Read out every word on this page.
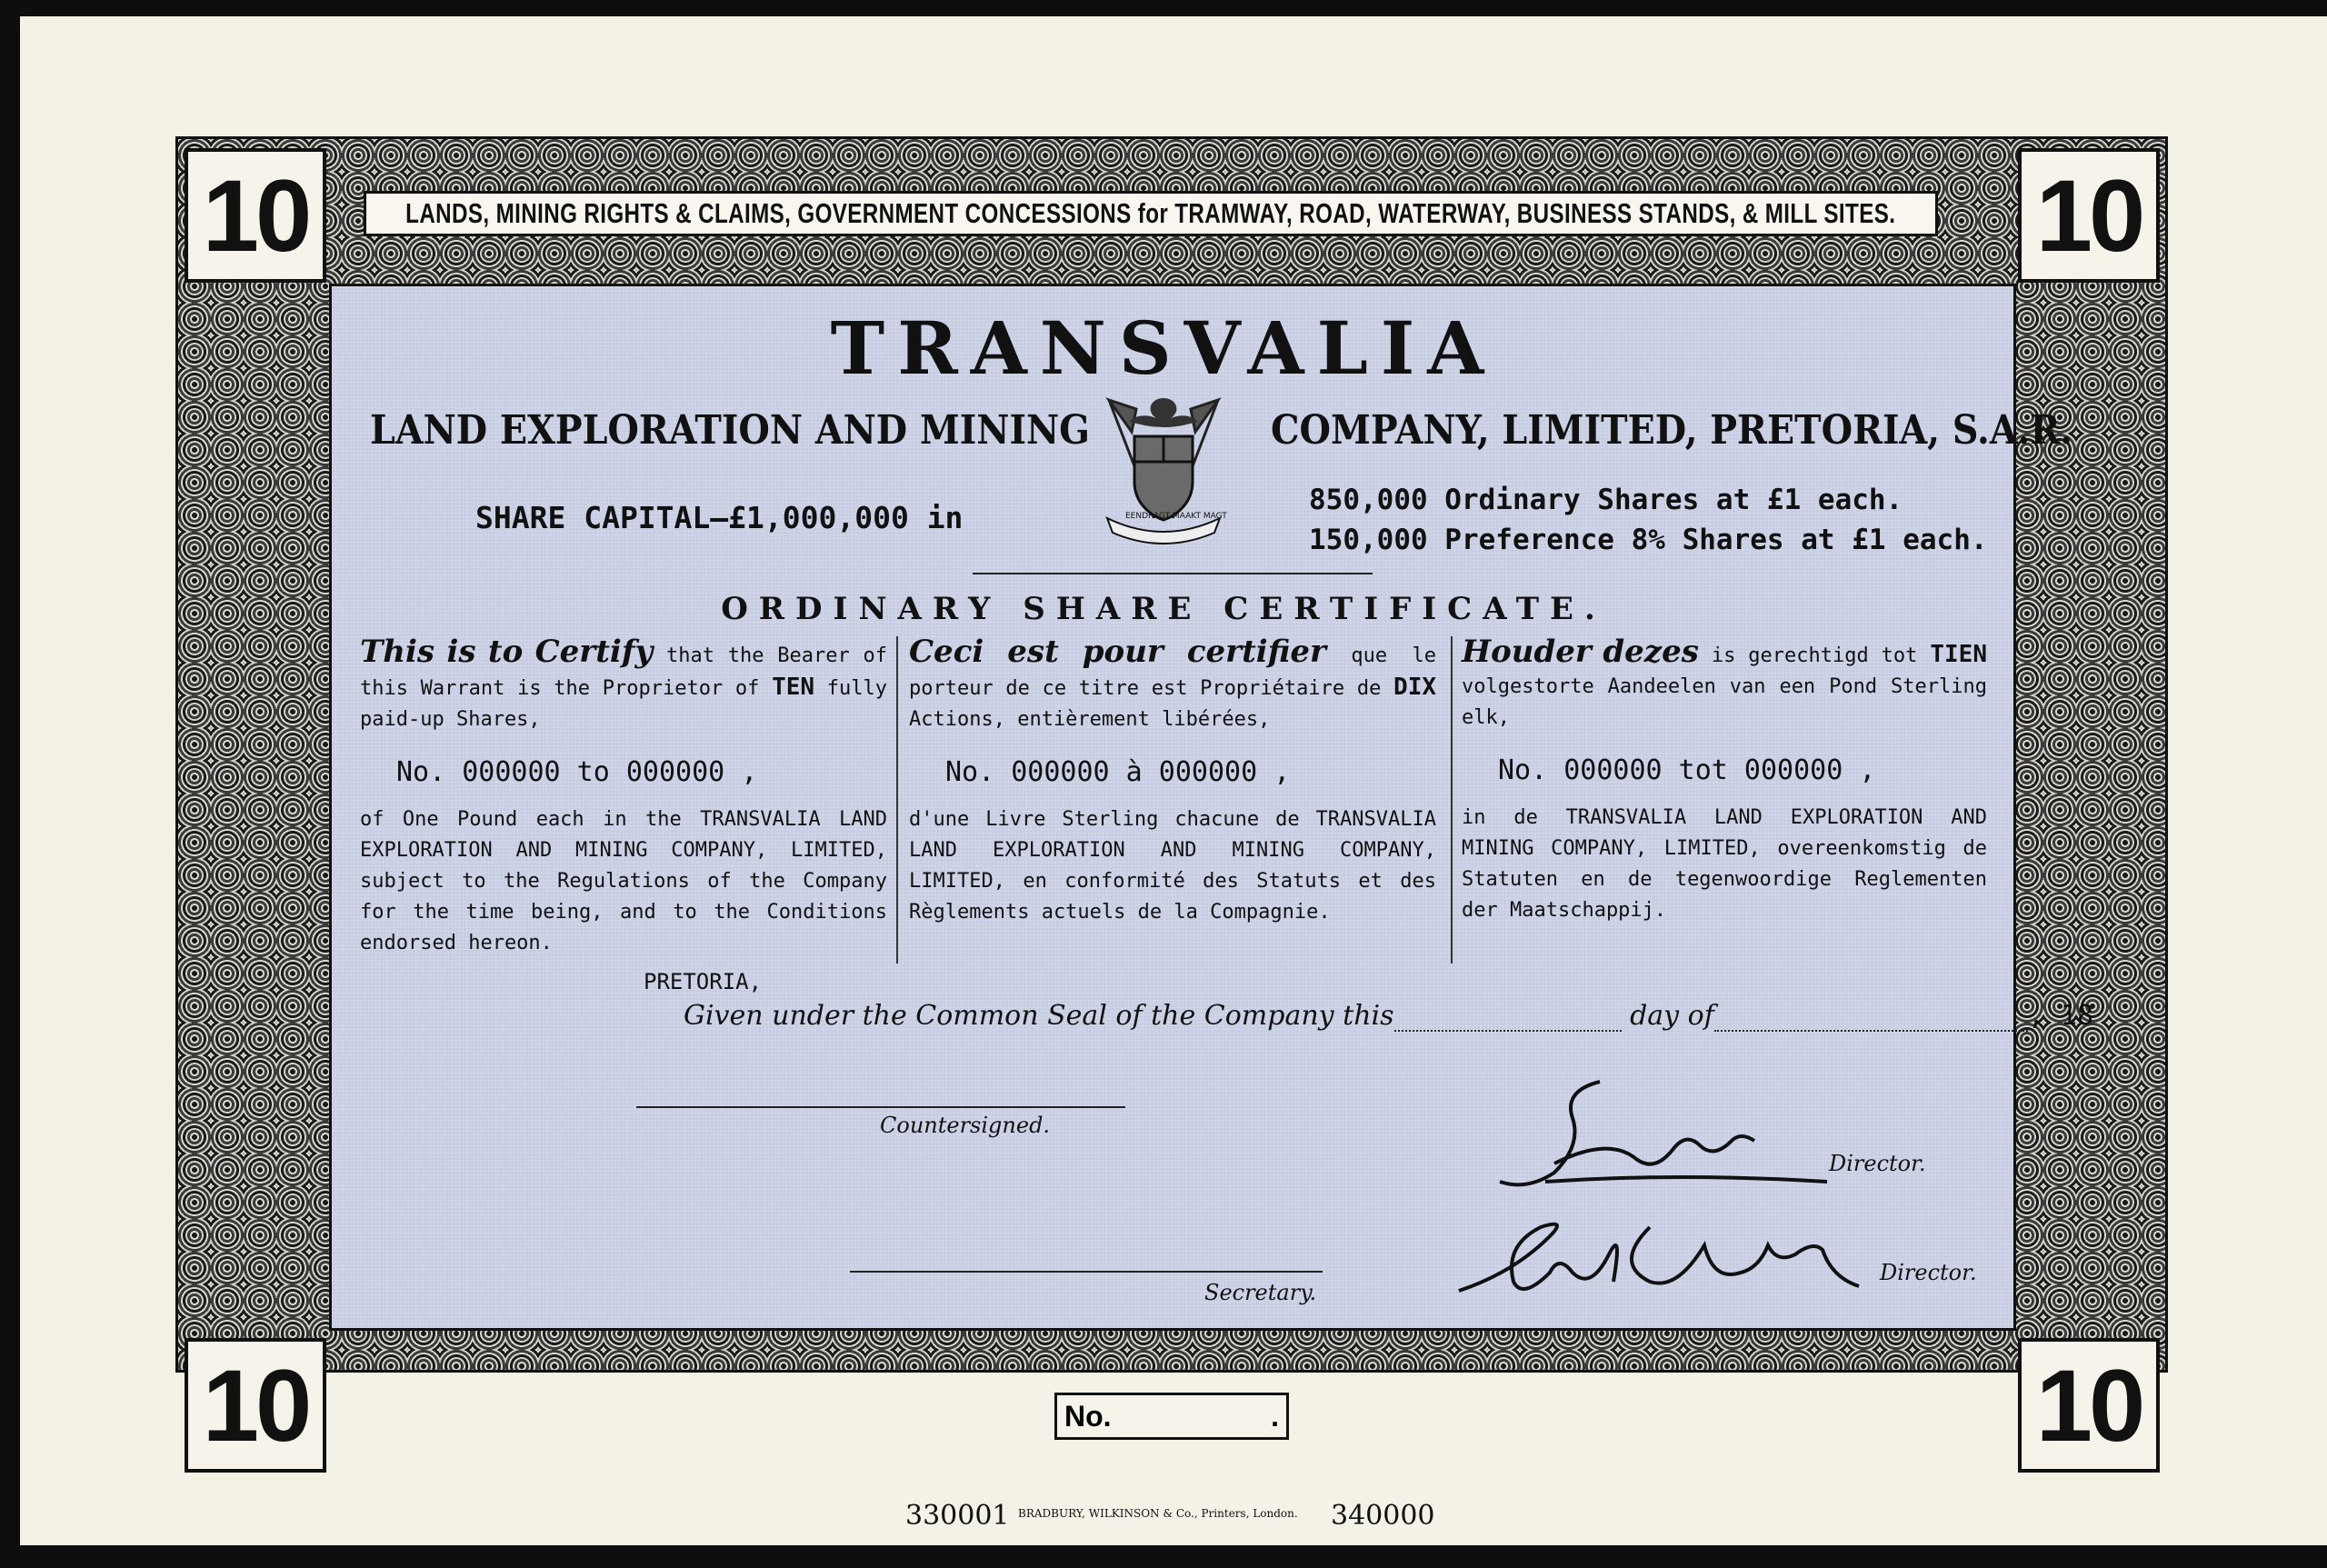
10	10
10	10
LANDS, MINING RIGHTS & CLAIMS, GOVERNMENT CONCESSIONS for TRAMWAY, ROAD, WATERWAY, BUSINESS STANDS, & MILL SITES.
TRANSVALIA
LAND EXPLORATION AND MINING	COMPANY, LIMITED, PRETORIA, S.A.R.
EENDRAGT MAAKT MAGT
SHARE CAPITAL—£1,000,000 in	850,000 Ordinary Shares at £1 each.
150,000 Preference 8% Shares at £1 each.
ORDINARY SHARE CERTIFICATE.

This is to Certify that the Bearer of this Warrant is the Proprietor of TEN fully paid-up Shares,

No. 000000 to 000000 ,

of One Pound each in the TRANSVALIA LAND EXPLORATION AND MINING COMPANY, LIMITED, subject to the Regulations of the Company for the time being, and to the Conditions endorsed hereon.

Ceci est pour certifier que le porteur de ce titre est Propriétaire de DIX Actions, entièrement libérées,

No. 000000 à 000000 ,

d'une Livre Sterling chacune de TRANSVALIA LAND EXPLORATION AND MINING COMPANY, LIMITED, en conformité des Statuts et des Règlements actuels de la Compagnie.

Houder dezes is gerechtigd tot TIEN volgestorte Aandeelen van een Pond Sterling elk,

No. 000000 tot 000000 ,

in de TRANSVALIA LAND EXPLORATION AND MINING COMPANY, LIMITED, overeenkomstig de Statuten en de tegenwoordige Reglementen der Maatschappij.

PRETORIA,
Given under the Common Seal of the Company this	day of	, 18
Countersigned.
Secretary.
Director.
Director.
No.	.
330001 BRADBURY, WILKINSON & Co., Printers, London. 340000
